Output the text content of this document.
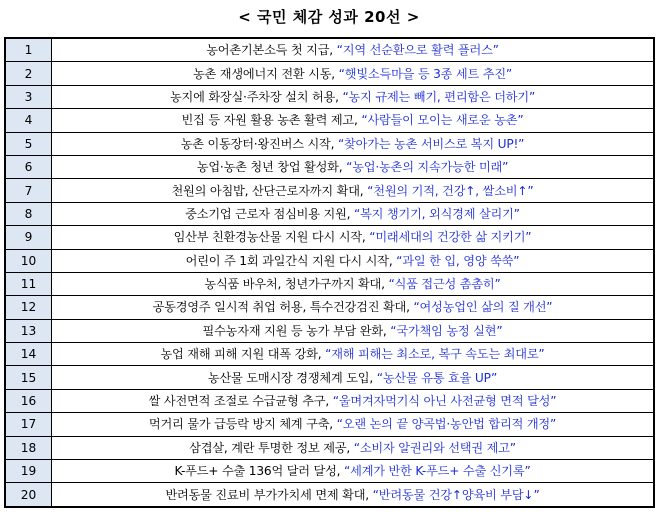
< 국민 체감 성과 20선 >
1	농어촌기본소득 첫 지급, “지역 선순환으로 활력 플러스”
2	농촌 재생에너지 전환 시동, “햇빛소득마을 등 3종 세트 추진”
3	농지에 화장실·주차장 설치 허용, “농지 규제는 빼기, 편리함은 더하기”
4	빈집 등 자원 활용 농촌 활력 제고, “사람들이 모이는 새로운 농촌”
5	농촌 이동장터·왕진버스 시작, “찾아가는 농촌 서비스로 복지 UP!”
6	농업·농촌 청년 창업 활성화, “농업·농촌의 지속가능한 미래”
7	천원의 아침밥, 산단근로자까지 확대, “천원의 기적, 건강↑, 쌀소비↑”
8	중소기업 근로자 점심비용 지원, “복지 챙기기, 외식경제 살리기”
9	임산부 친환경농산물 지원 다시 시작, “미래세대의 건강한 삶 지키기”
10	어린이 주 1회 과일간식 지원 다시 시작, “과일 한 입, 영양 쑥쑥”
11	농식품 바우처, 청년가구까지 확대, “식품 접근성 촘촘히”
12	공동경영주 일시적 취업 허용, 특수건강검진 확대, “여성농업인 삶의 질 개선”
13	필수농자재 지원 등 농가 부담 완화, “국가책임 농정 실현”
14	농업 재해 피해 지원 대폭 강화, “재해 피해는 최소로, 복구 속도는 최대로”
15	농산물 도매시장 경쟁체계 도입, “농산물 유통 효율 UP”
16	쌀 사전면적 조절로 수급균형 추구, “울며겨자먹기식 아닌 사전균형 면적 달성”
17	먹거리 물가 급등락 방지 체계 구축, “오랜 논의 끝 양곡법·농안법 합리적 개정”
18	삼겹살, 계란 투명한 정보 제공, “소비자 알권리와 선택권 제고”
19	K-푸드+ 수출 136억 달러 달성, “세계가 반한 K-푸드+ 수출 신기록”
20	반려동물 진료비 부가가치세 면제 확대, “반려동물 건강↑양육비 부담↓”
